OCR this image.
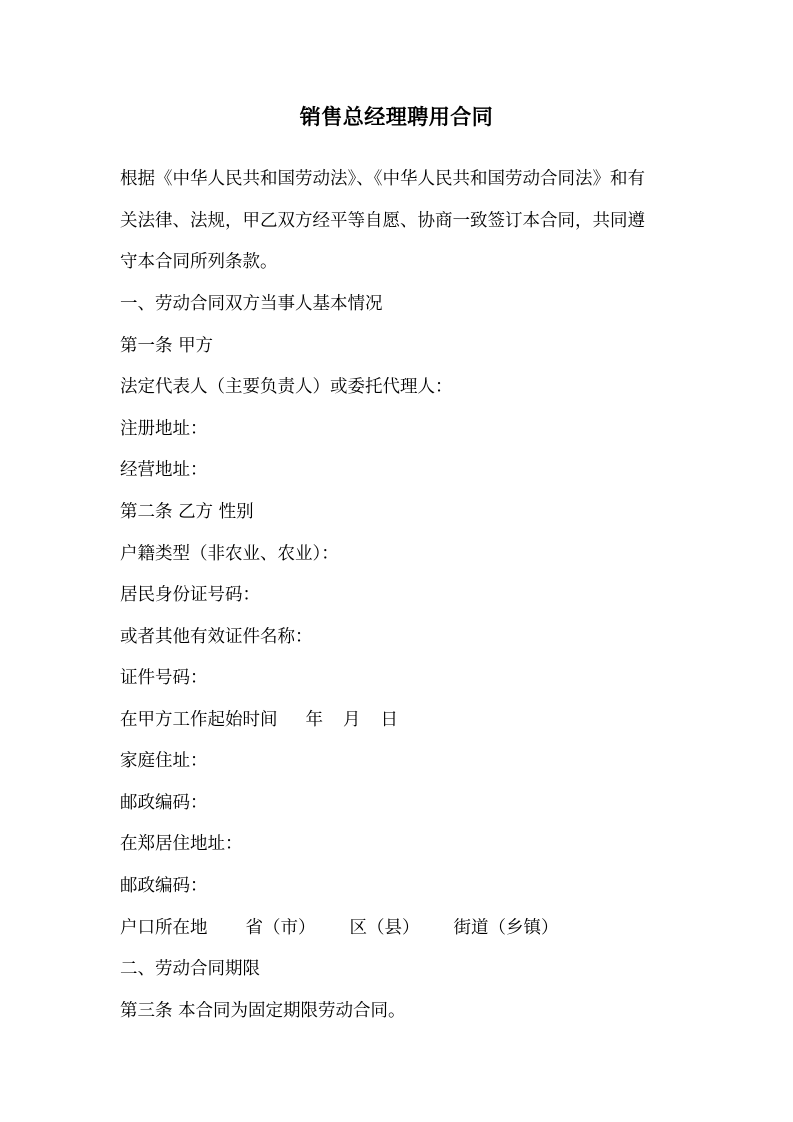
销售总经理聘用合同
根据《中华人民共和国劳动法》、《中华人民共和国劳动合同法》和有
关法律、法规，甲乙双方经平等自愿、协商一致签订本合同，共同遵
守本合同所列条款。
一、劳动合同双方当事人基本情况
第一条 甲方
法定代表人（主要负责人）或委托代理人：
注册地址：
经营地址：
第二条 乙方 性别
户籍类型（非农业、农业）：
居民身份证号码：
或者其他有效证件名称：
证件号码：
在甲方工作起始时间 年 月 日
家庭住址：
邮政编码：
在郑居住地址：
邮政编码：
户口所在地 省（市） 区（县） 街道（乡镇）
二、劳动合同期限
第三条 本合同为固定期限劳动合同。
